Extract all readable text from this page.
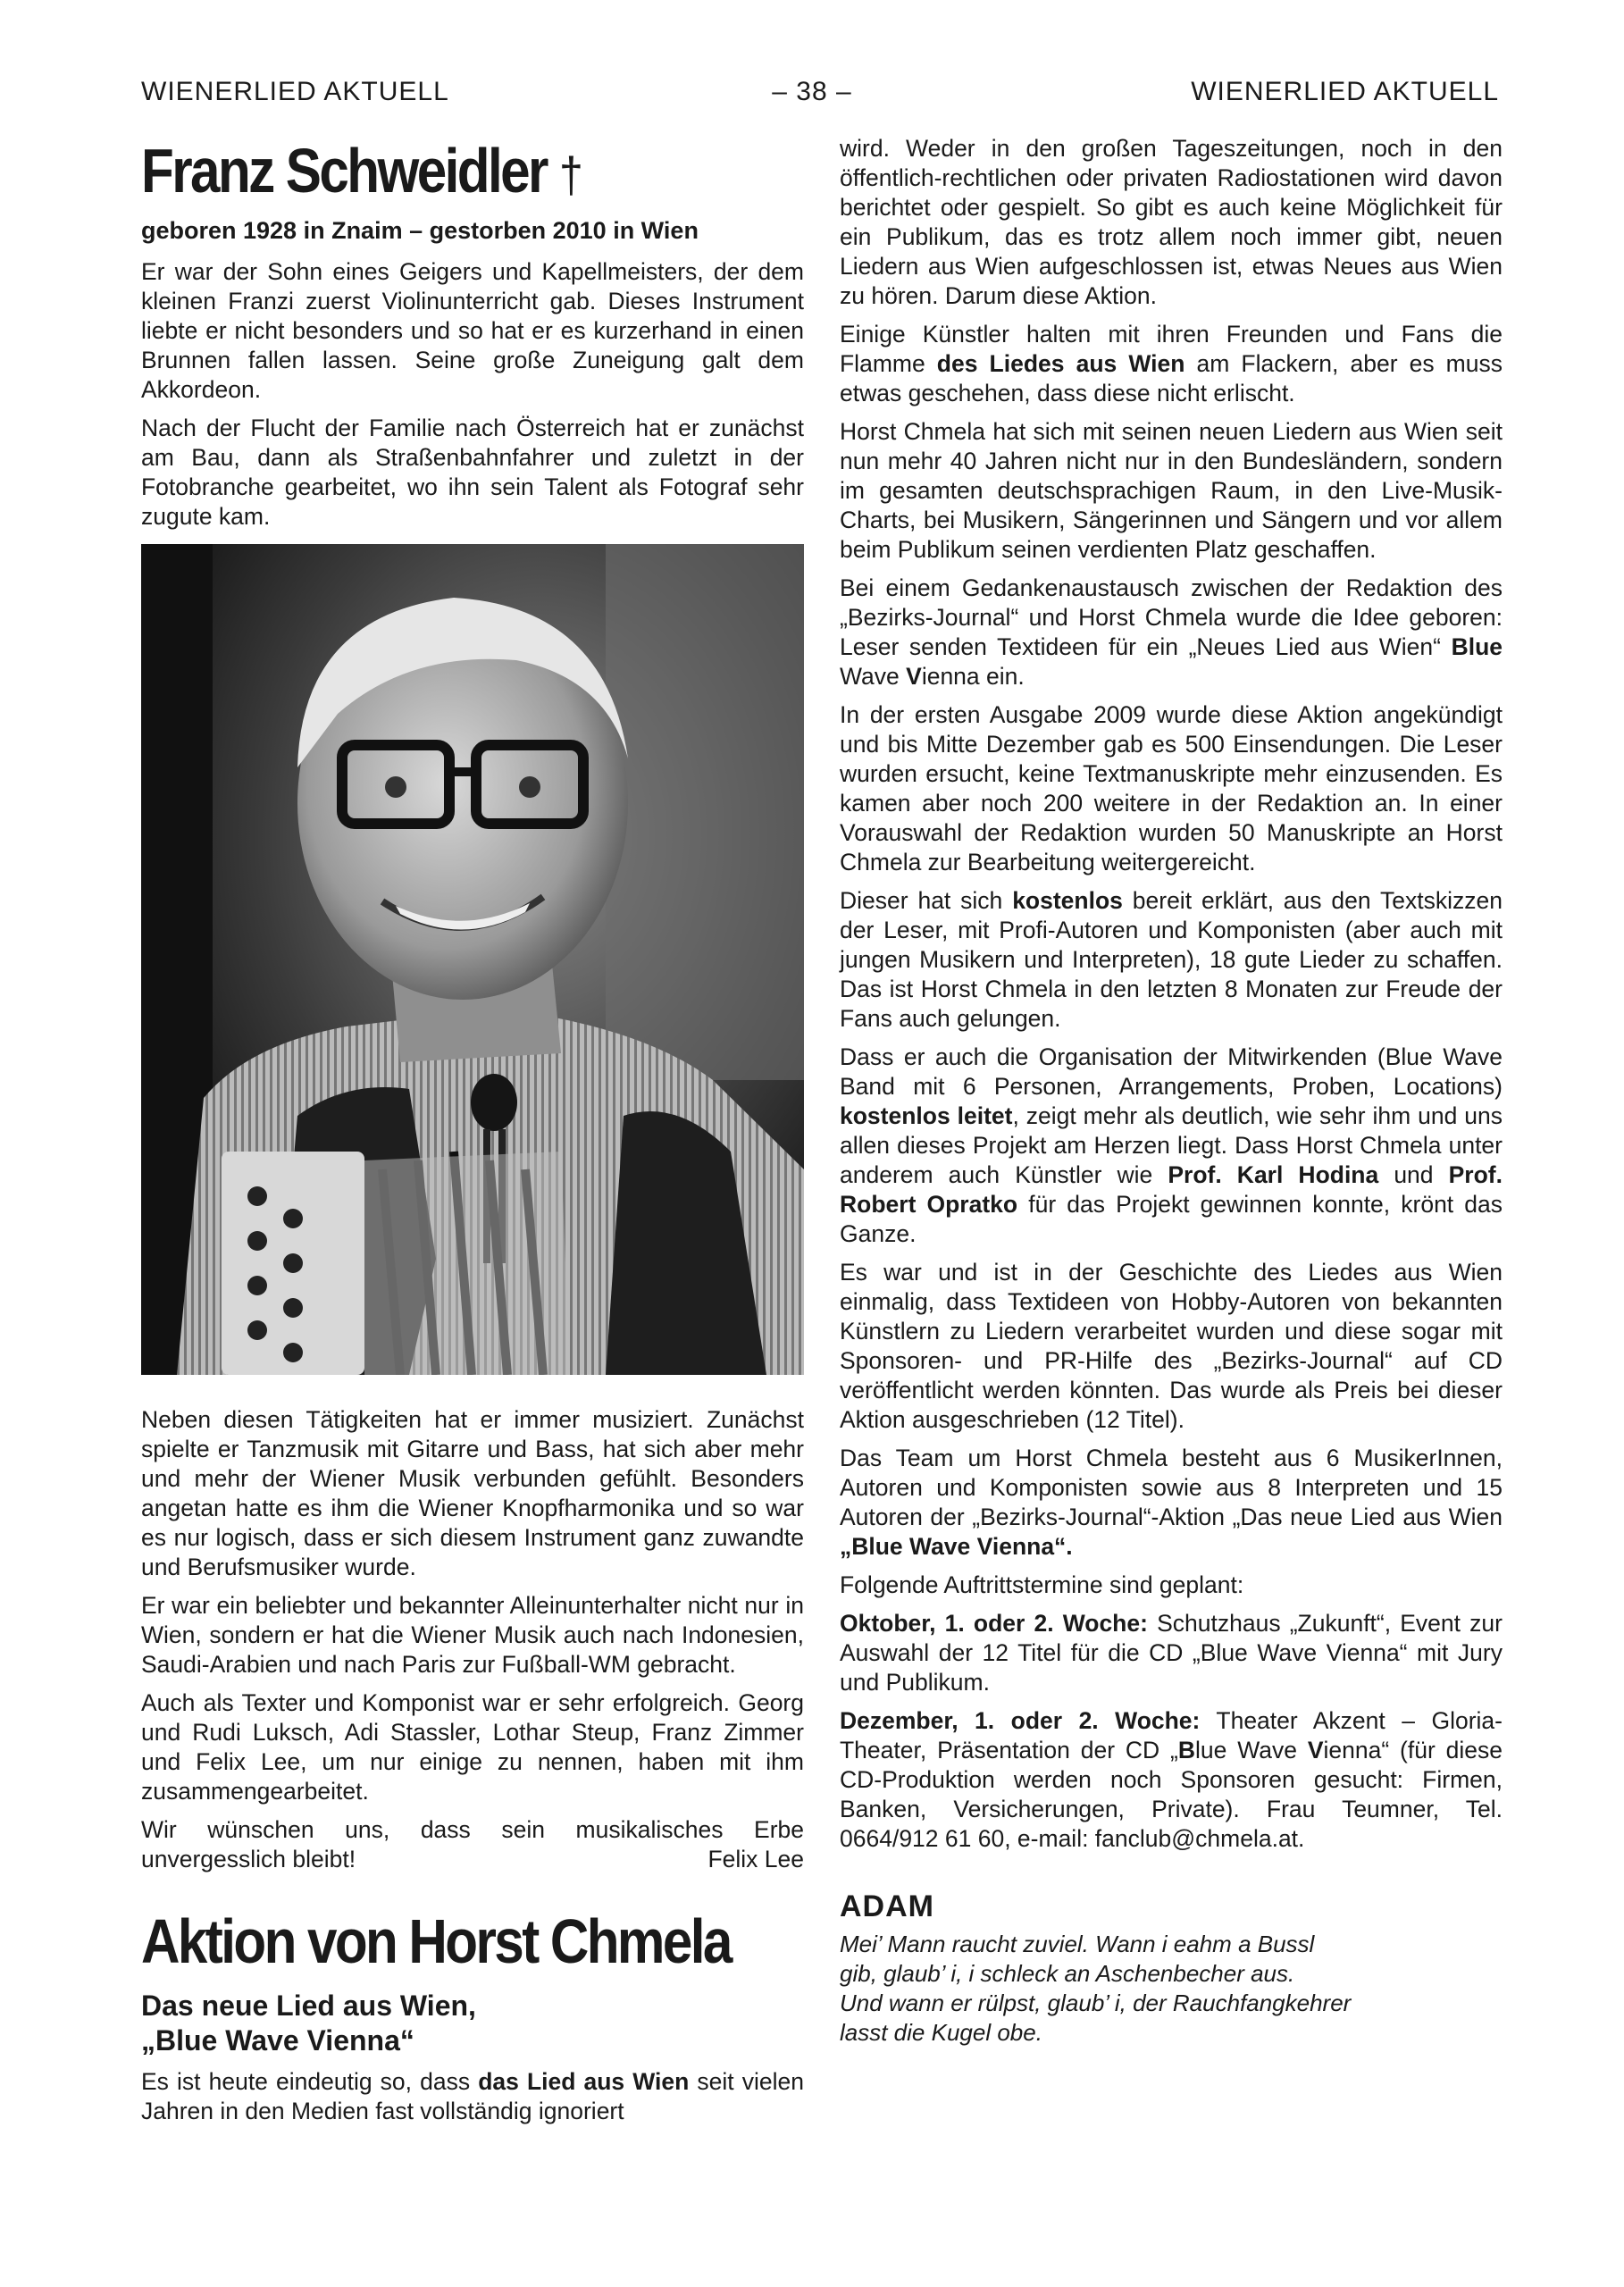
WIENERLIED AKTUELL	– 38 –	WIENERLIED AKTUELL
Franz Schweidler †
geboren 1928 in Znaim – gestorben 2010 in Wien

Er war der Sohn eines Geigers und Kapellmeisters, der dem kleinen Franzi zuerst Violinunterricht gab. Dieses Instrument liebte er nicht besonders und so hat er es kurzerhand in einen Brunnen fallen lassen. Seine große Zuneigung galt dem Akkordeon.

Nach der Flucht der Familie nach Österreich hat er zunächst am Bau, dann als Straßenbahnfahrer und zuletzt in der Fotobranche gearbeitet, wo ihn sein Talent als Fotograf sehr zugute kam.

Neben diesen Tätigkeiten hat er immer musiziert. Zunächst spielte er Tanzmusik mit Gitarre und Bass, hat sich aber mehr und mehr der Wiener Musik verbunden gefühlt. Besonders angetan hatte es ihm die Wiener Knopfharmonika und so war es nur logisch, dass er sich diesem Instrument ganz zuwandte und Berufsmusiker wurde.

Er war ein beliebter und bekannter Alleinunterhalter nicht nur in Wien, sondern er hat die Wiener Musik auch nach Indonesien, Saudi-Arabien und nach Paris zur Fußball-WM gebracht.

Auch als Texter und Komponist war er sehr erfolgreich. Georg und Rudi Luksch, Adi Stassler, Lothar Steup, Franz Zimmer und Felix Lee, um nur einige zu nennen, haben mit ihm zusammengearbeitet.

Wir wünschen uns, dass sein musikalisches Erbe unvergesslich bleibt!	Felix Lee

Aktion von Horst Chmela
Das neue Lied aus Wien,
„Blue Wave Vienna“

Es ist heute eindeutig so, dass das Lied aus Wien seit vielen Jahren in den Medien fast vollständig ignoriert

wird. Weder in den großen Tageszeitungen, noch in den öffentlich-rechtlichen oder privaten Radiostationen wird davon berichtet oder gespielt. So gibt es auch keine Möglichkeit für ein Publikum, das es trotz allem noch immer gibt, neuen Liedern aus Wien aufgeschlossen ist, etwas Neues aus Wien zu hören. Darum diese Aktion.

Einige Künstler halten mit ihren Freunden und Fans die Flamme des Liedes aus Wien am Flackern, aber es muss etwas geschehen, dass diese nicht erlischt.

Horst Chmela hat sich mit seinen neuen Liedern aus Wien seit nun mehr 40 Jahren nicht nur in den Bundesländern, sondern im gesamten deutschsprachigen Raum, in den Live-Musik-Charts, bei Musikern, Sängerinnen und Sängern und vor allem beim Publikum seinen verdienten Platz geschaffen.

Bei einem Gedankenaustausch zwischen der Redaktion des „Bezirks-Journal“ und Horst Chmela wurde die Idee geboren: Leser senden Textideen für ein „Neues Lied aus Wien“ Blue Wave Vienna ein.

In der ersten Ausgabe 2009 wurde diese Aktion angekündigt und bis Mitte Dezember gab es 500 Einsendungen. Die Leser wurden ersucht, keine Textmanuskripte mehr einzusenden. Es kamen aber noch 200 weitere in der Redaktion an. In einer Vorauswahl der Redaktion wurden 50 Manuskripte an Horst Chmela zur Bearbeitung weitergereicht.

Dieser hat sich kostenlos bereit erklärt, aus den Textskizzen der Leser, mit Profi-Autoren und Komponisten (aber auch mit jungen Musikern und Interpreten), 18 gute Lieder zu schaffen. Das ist Horst Chmela in den letzten 8 Monaten zur Freude der Fans auch gelungen.

Dass er auch die Organisation der Mitwirkenden (Blue Wave Band mit 6 Personen, Arrangements, Proben, Locations) kostenlos leitet, zeigt mehr als deutlich, wie sehr ihm und uns allen dieses Projekt am Herzen liegt. Dass Horst Chmela unter anderem auch Künstler wie Prof. Karl Hodina und Prof. Robert Opratko für das Projekt gewinnen konnte, krönt das Ganze.

Es war und ist in der Geschichte des Liedes aus Wien einmalig, dass Textideen von Hobby-Autoren von bekannten Künstlern zu Liedern verarbeitet wurden und diese sogar mit Sponsoren- und PR-Hilfe des „Bezirks-Journal“ auf CD veröffentlicht werden könnten. Das wurde als Preis bei dieser Aktion ausgeschrieben (12 Titel).

Das Team um Horst Chmela besteht aus 6 MusikerInnen, Autoren und Komponisten sowie aus 8 Interpreten und 15 Autoren der „Bezirks-Journal“-Aktion „Das neue Lied aus Wien „Blue Wave Vienna“.

Folgende Auftrittstermine sind geplant:

Oktober, 1. oder 2. Woche: Schutzhaus „Zukunft“, Event zur Auswahl der 12 Titel für die CD „Blue Wave Vienna“ mit Jury und Publikum.

Dezember, 1. oder 2. Woche: Theater Akzent – Gloria-Theater, Präsentation der CD „Blue Wave Vienna“ (für diese CD-Produktion werden noch Sponsoren gesucht: Firmen, Banken, Versicherungen, Private). Frau Teumner, Tel. 0664/912 61 60, e-mail: fanclub@chmela.at.

ADAM

Mei’ Mann raucht zuviel. Wann i eahm a Bussl

gib, glaub’ i, i schleck an Aschenbecher aus.

Und wann er rülpst, glaub’ i, der Rauchfangkehrer

lasst die Kugel obe.
